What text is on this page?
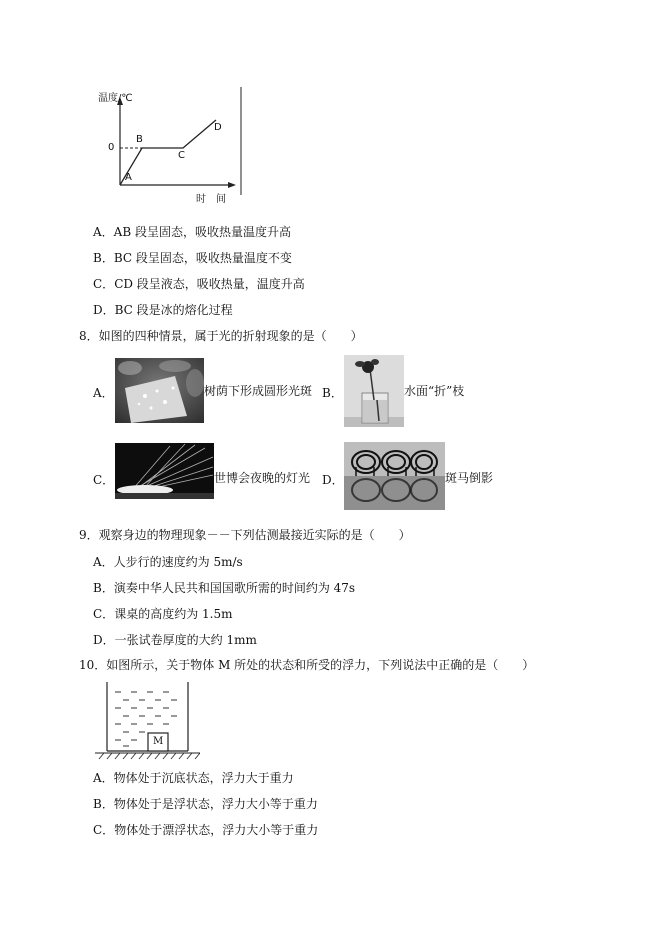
温度/℃
0
A
B
C
D
时　间
A．AB 段呈固态，吸收热量温度升高
B．BC 段呈固态，吸收热量温度不变
C．CD 段呈液态，吸收热量，温度升高
D．BC 段是冰的熔化过程
8．如图的四种情景，属于光的折射现象的是（　　）
A．	树荫下形成圆形光斑 B．	水面“折”枝
C．	世博会夜晚的灯光 D．	斑马倒影
9．观察身边的物理现象－－下列估测最接近实际的是（　　）
A．人步行的速度约为 5m/s
B．演奏中华人民共和国国歌所需的时间约为 47s
C．课桌的高度约为 1.5m
D．一张试卷厚度的大约 1mm
10．如图所示，关于物体 M 所处的状态和所受的浮力，下列说法中正确的是（　　）
M
A．物体处于沉底状态，浮力大于重力
B．物体处于是浮状态，浮力大小等于重力
C．物体处于漂浮状态，浮力大小等于重力
